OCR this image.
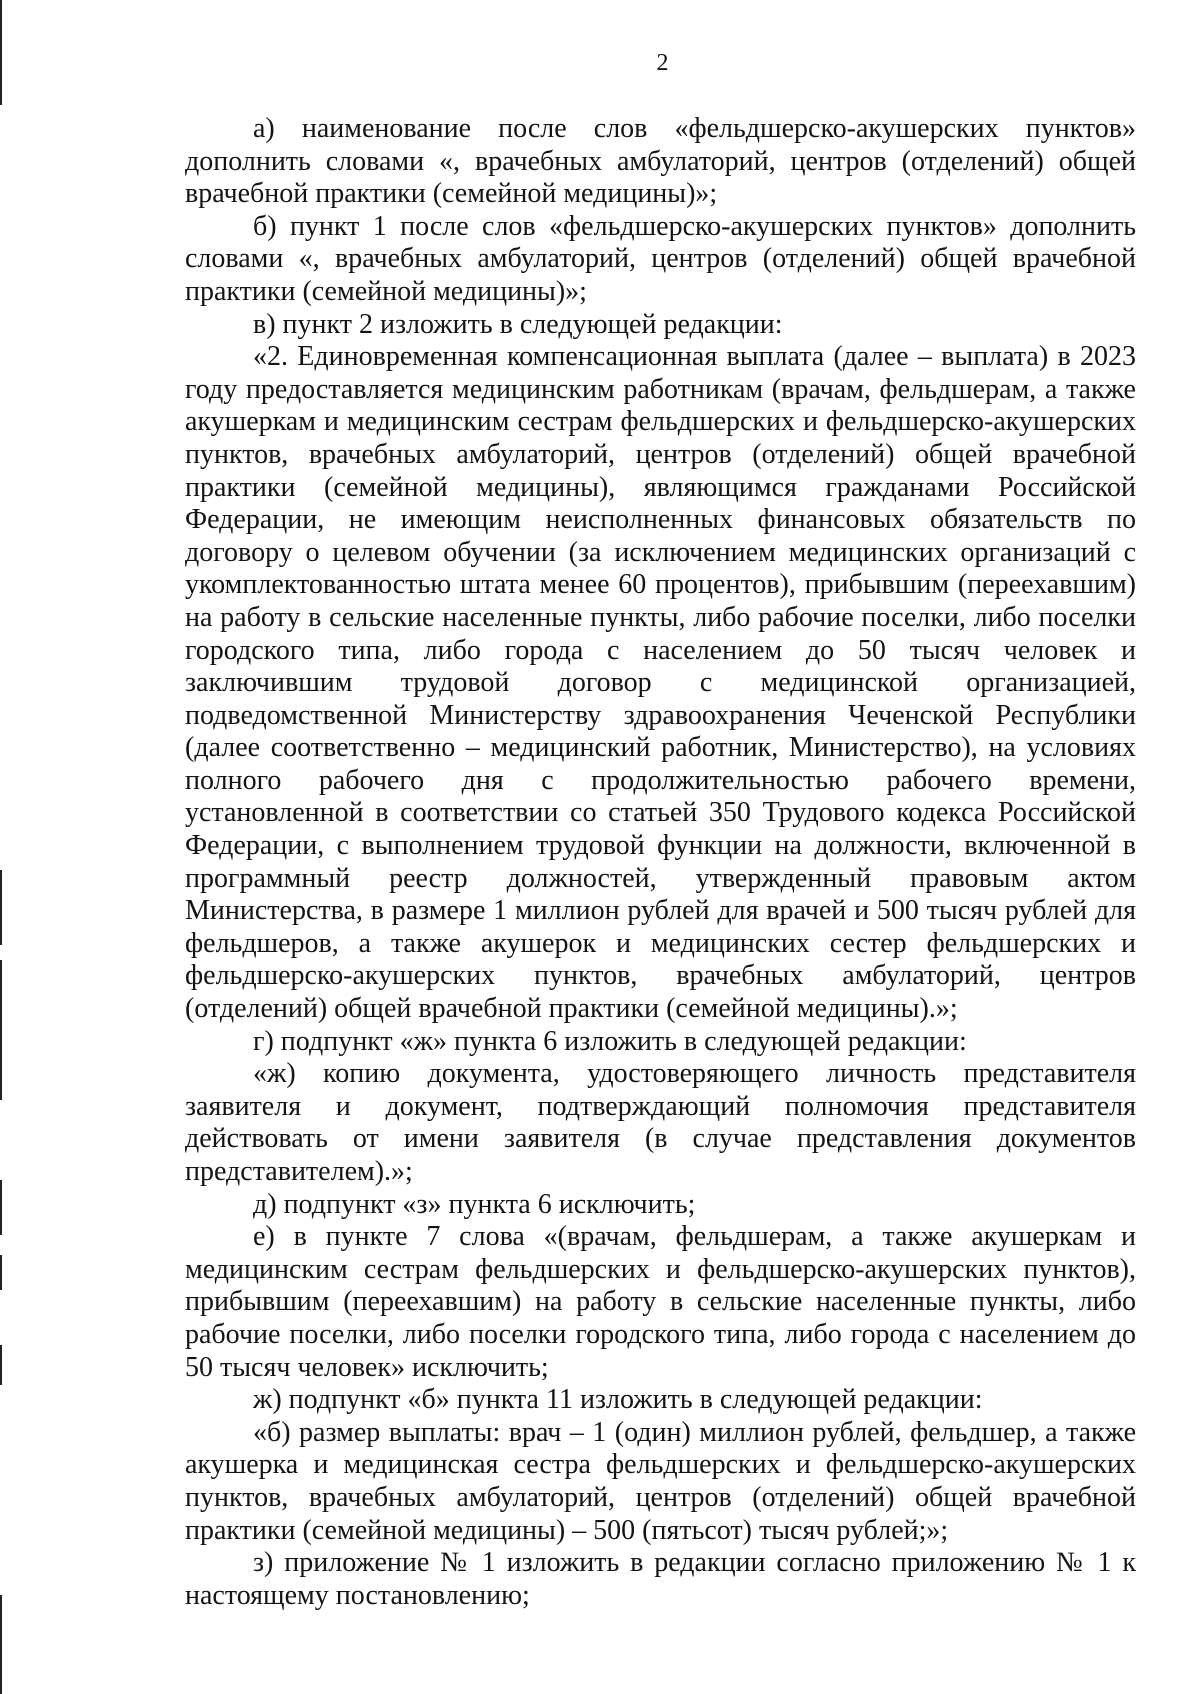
2

а) наименование после слов «фельдшерско-акушерских пунктов» дополнить словами «, врачебных амбулаторий, центров (отделений) общей врачебной практики (семейной медицины)»;

б) пункт 1 после слов «фельдшерско-акушерских пунктов» дополнить словами «, врачебных амбулаторий, центров (отделений) общей врачебной практики (семейной медицины)»;

в) пункт 2 изложить в следующей редакции:

«2. Единовременная компенсационная выплата (далее – выплата) в 2023 году предоставляется медицинским работникам (врачам, фельдшерам, а также акушеркам и медицинским сестрам фельдшерских и фельдшерско-акушерских пунктов, врачебных амбулаторий, центров (отделений) общей врачебной практики (семейной медицины), являющимся гражданами Российской Федерации, не имеющим неисполненных финансовых обязательств по договору о целевом обучении (за исключением медицинских организаций с укомплектованностью штата менее 60 процентов), прибывшим (переехавшим) на работу в сельские населенные пункты, либо рабочие поселки, либо поселки городского типа, либо города с населением до 50 тысяч человек и заключившим трудовой договор с медицинской организацией, подведомственной Министерству здравоохранения Чеченской Республики (далее соответственно – медицинский работник, Министерство), на условиях полного рабочего дня с продолжительностью рабочего времени, установленной в соответствии со статьей 350 Трудового кодекса Российской Федерации, с выполнением трудовой функции на должности, включенной в программный реестр должностей, утвержденный правовым актом Министерства, в размере 1 миллион рублей для врачей и 500 тысяч рублей для фельдшеров, а также акушерок и медицинских сестер фельдшерских и фельдшерско-акушерских пунктов, врачебных амбулаторий, центров (отделений) общей врачебной практики (семейной медицины).»;

г) подпункт «ж» пункта 6 изложить в следующей редакции:

«ж) копию документа, удостоверяющего личность представителя заявителя и документ, подтверждающий полномочия представителя действовать от имени заявителя (в случае представления документов представителем).»;

д) подпункт «з» пункта 6 исключить;

е) в пункте 7 слова «(врачам, фельдшерам, а также акушеркам и медицинским сестрам фельдшерских и фельдшерско-акушерских пунктов), прибывшим (переехавшим) на работу в сельские населенные пункты, либо рабочие поселки, либо поселки городского типа, либо города с населением до 50 тысяч человек» исключить;

ж) подпункт «б» пункта 11 изложить в следующей редакции:

«б) размер выплаты: врач – 1 (один) миллион рублей, фельдшер, а также акушерка и медицинская сестра фельдшерских и фельдшерско-акушерских пунктов, врачебных амбулаторий, центров (отделений) общей врачебной практики (семейной медицины) – 500 (пятьсот) тысяч рублей;»;

з) приложение № 1 изложить в редакции согласно приложению № 1 к настоящему постановлению;
